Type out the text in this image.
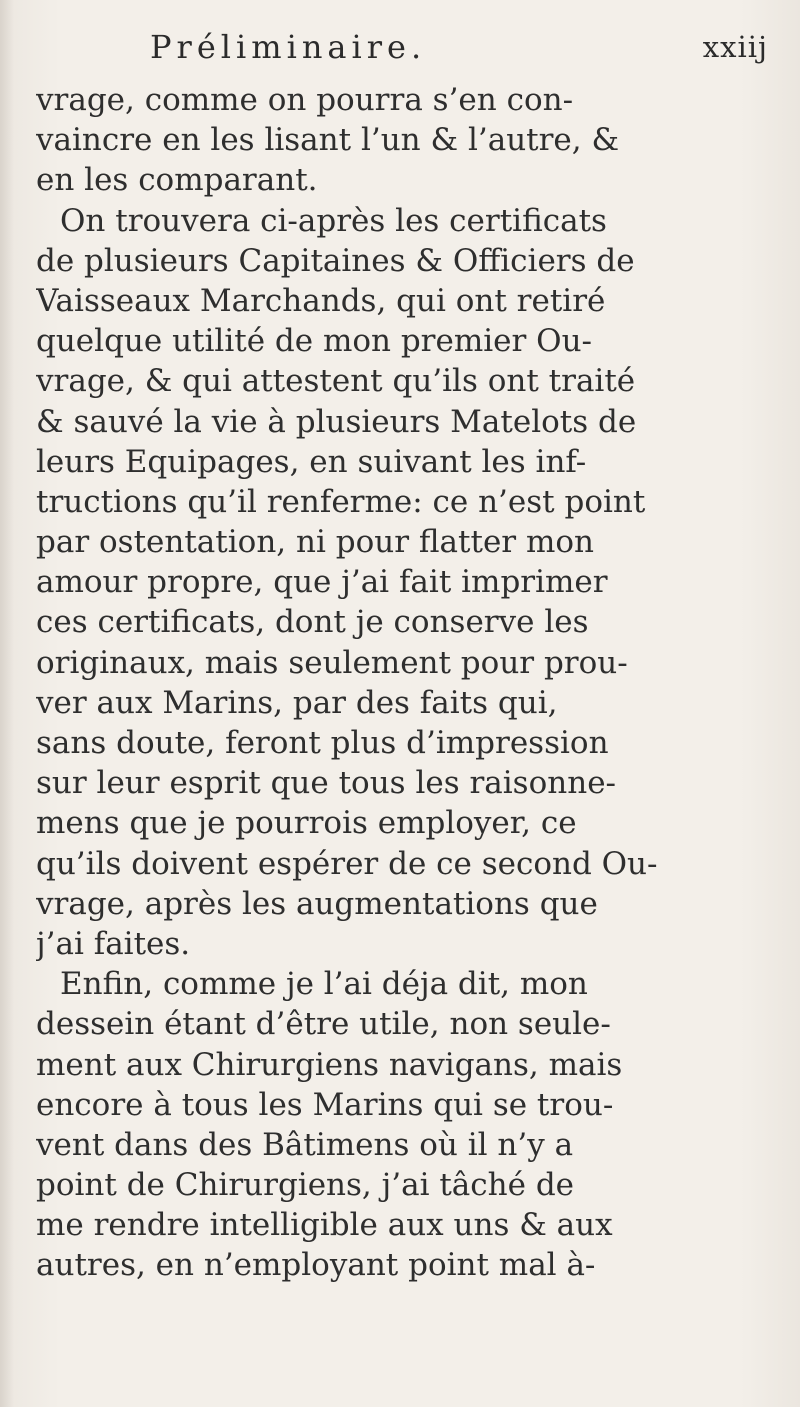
Préliminaire.	xxiij
vrage, comme on pourra s’en con-
vaincre en les lisant l’un & l’autre, &
en les comparant.
On trouvera ci-après les certificats
de plusieurs Capitaines & Officiers de
Vaisseaux Marchands, qui ont retiré
quelque utilité de mon premier Ou-
vrage, & qui attestent qu’ils ont traité
& sauvé la vie à plusieurs Matelots de
leurs Equipages, en suivant les inf-
tructions qu’il renferme: ce n’est point
par ostentation, ni pour flatter mon
amour propre, que j’ai fait imprimer
ces certificats, dont je conserve les
originaux, mais seulement pour prou-
ver aux Marins, par des faits qui,
sans doute, feront plus d’impression
sur leur esprit que tous les raisonne-
mens que je pourrois employer, ce
qu’ils doivent espérer de ce second Ou-
vrage, après les augmentations que
j’ai faites.
Enfin, comme je l’ai déja dit, mon
dessein étant d’être utile, non seule-
ment aux Chirurgiens navigans, mais
encore à tous les Marins qui se trou-
vent dans des Bâtimens où il n’y a
point de Chirurgiens, j’ai tâché de
me rendre intelligible aux uns & aux
autres, en n’employant point mal à-
